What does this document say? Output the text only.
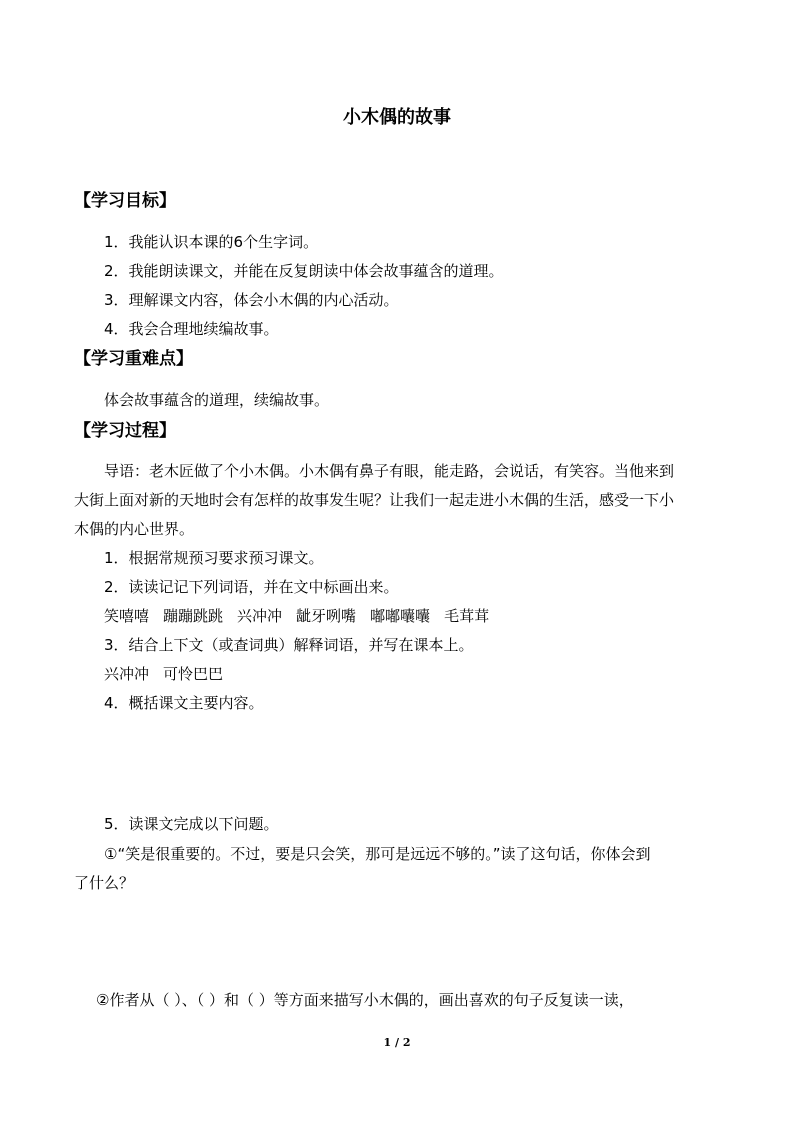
小木偶的故事
【学习目标】
1．我能认识本课的6个生字词。
2．我能朗读课文，并能在反复朗读中体会故事蕴含的道理。
3．理解课文内容，体会小木偶的内心活动。
4．我会合理地续编故事。
【学习重难点】
体会故事蕴含的道理，续编故事。
【学习过程】
导语：老木匠做了个小木偶。小木偶有鼻子有眼，能走路，会说话，有笑容。当他来到
大街上面对新的天地时会有怎样的故事发生呢？让我们一起走进小木偶的生活，感受一下小
木偶的内心世界。
1．根据常规预习要求预习课文。
2．读读记记下列词语，并在文中标画出来。
笑嘻嘻 蹦蹦跳跳 兴冲冲 龇牙咧嘴 嘟嘟囔囔 毛茸茸
3．结合上下文（或查词典）解释词语，并写在课本上。
兴冲冲 可怜巴巴
4．概括课文主要内容。
5．读课文完成以下问题。
①“笑是很重要的。不过，要是只会笑，那可是远远不够的。”读了这句话，你体会到
了什么？
②作者从（ ）、（ ）和（ ）等方面来描写小木偶的，画出喜欢的句子反复读一读，
1 / 2
